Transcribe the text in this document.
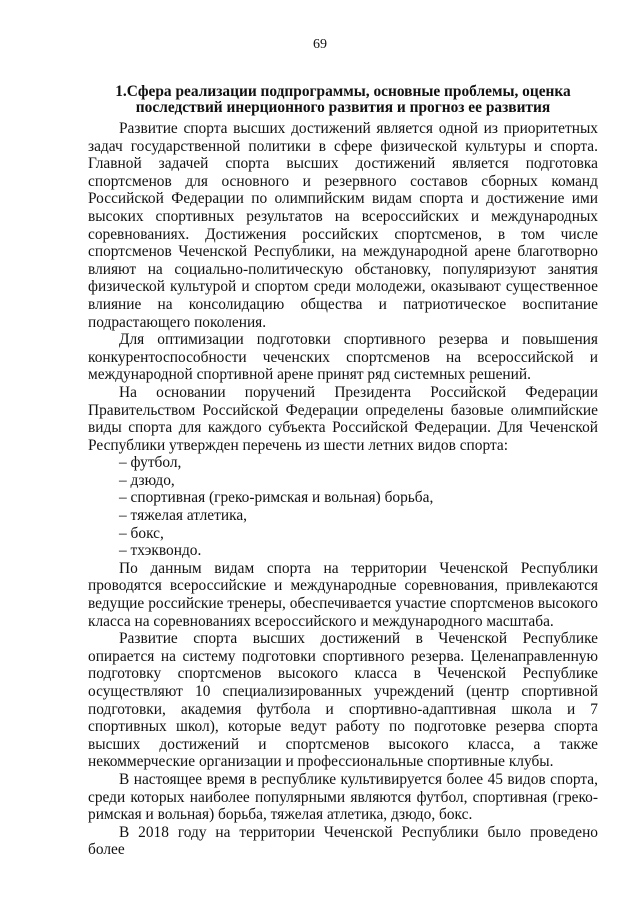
69
1.Сфера реализации подпрограммы, основные проблемы, оценка
последствий инерционного развития и прогноз ее развития

Развитие спорта высших достижений является одной из приоритетных задач государственной политики в сфере физической культуры и спорта. Главной задачей спорта высших достижений является подготовка спортсменов для основного и резервного составов сборных команд Российской Федерации по олимпийским видам спорта и достижение ими высоких спортивных результатов на всероссийских и международных соревнованиях. Достижения российских спортсменов, в том числе спортсменов Чеченской Республики, на международной арене благотворно влияют на социально-политическую обстановку, популяризуют занятия физической культурой и спортом среди молодежи, оказывают существенное влияние на консолидацию общества и патриотическое воспитание подрастающего поколения.

Для оптимизации подготовки спортивного резерва и повышения конкурентоспособности чеченских спортсменов на всероссийской и международной спортивной арене принят ряд системных решений.

На основании поручений Президента Российской Федерации Правительством Российской Федерации определены базовые олимпийские виды спорта для каждого субъекта Российской Федерации. Для Чеченской Республики утвержден перечень из шести летних видов спорта:

– футбол,
– дзюдо,
– спортивная (греко-римская и вольная) борьба,
– тяжелая атлетика,
– бокс,
– тхэквондо.

По данным видам спорта на территории Чеченской Республики проводятся всероссийские и международные соревнования, привлекаются ведущие российские тренеры, обеспечивается участие спортсменов высокого класса на соревнованиях всероссийского и международного масштаба.

Развитие спорта высших достижений в Чеченской Республике опирается на систему подготовки спортивного резерва. Целенаправленную подготовку спортсменов высокого класса в Чеченской Республике осуществляют 10 специализированных учреждений (центр спортивной подготовки, академия футбола и спортивно-адаптивная школа и 7 спортивных школ), которые ведут работу по подготовке резерва спорта высших достижений и спортсменов высокого класса, а также некоммерческие организации и профессиональные спортивные клубы.

В настоящее время в республике культивируется более 45 видов спорта, среди которых наиболее популярными являются футбол, спортивная (греко-римская и вольная) борьба, тяжелая атлетика, дзюдо, бокс.

В 2018 году на территории Чеченской Республики было проведено более
